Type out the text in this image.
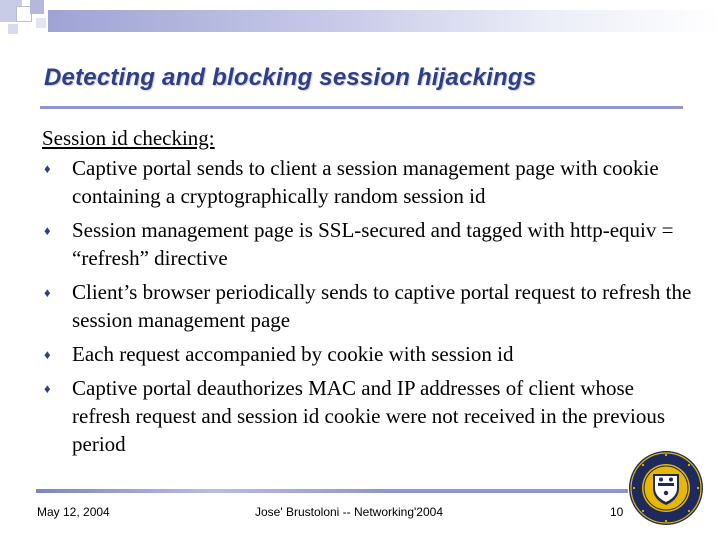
Detecting and blocking session hijackings
Session id checking:
♦ Captive portal sends to client a session management page with cookie containing a cryptographically random session id
♦ Session management page is SSL-secured and tagged with http-equiv = “refresh” directive
♦ Client’s browser periodically sends to captive portal request to refresh the session management page
♦ Each request accompanied by cookie with session id
♦ Captive portal deauthorizes MAC and IP addresses of client whose refresh request and session id cookie were not received in the previous period
May 12, 2004	Jose' Brustoloni -- Networking'2004	10
